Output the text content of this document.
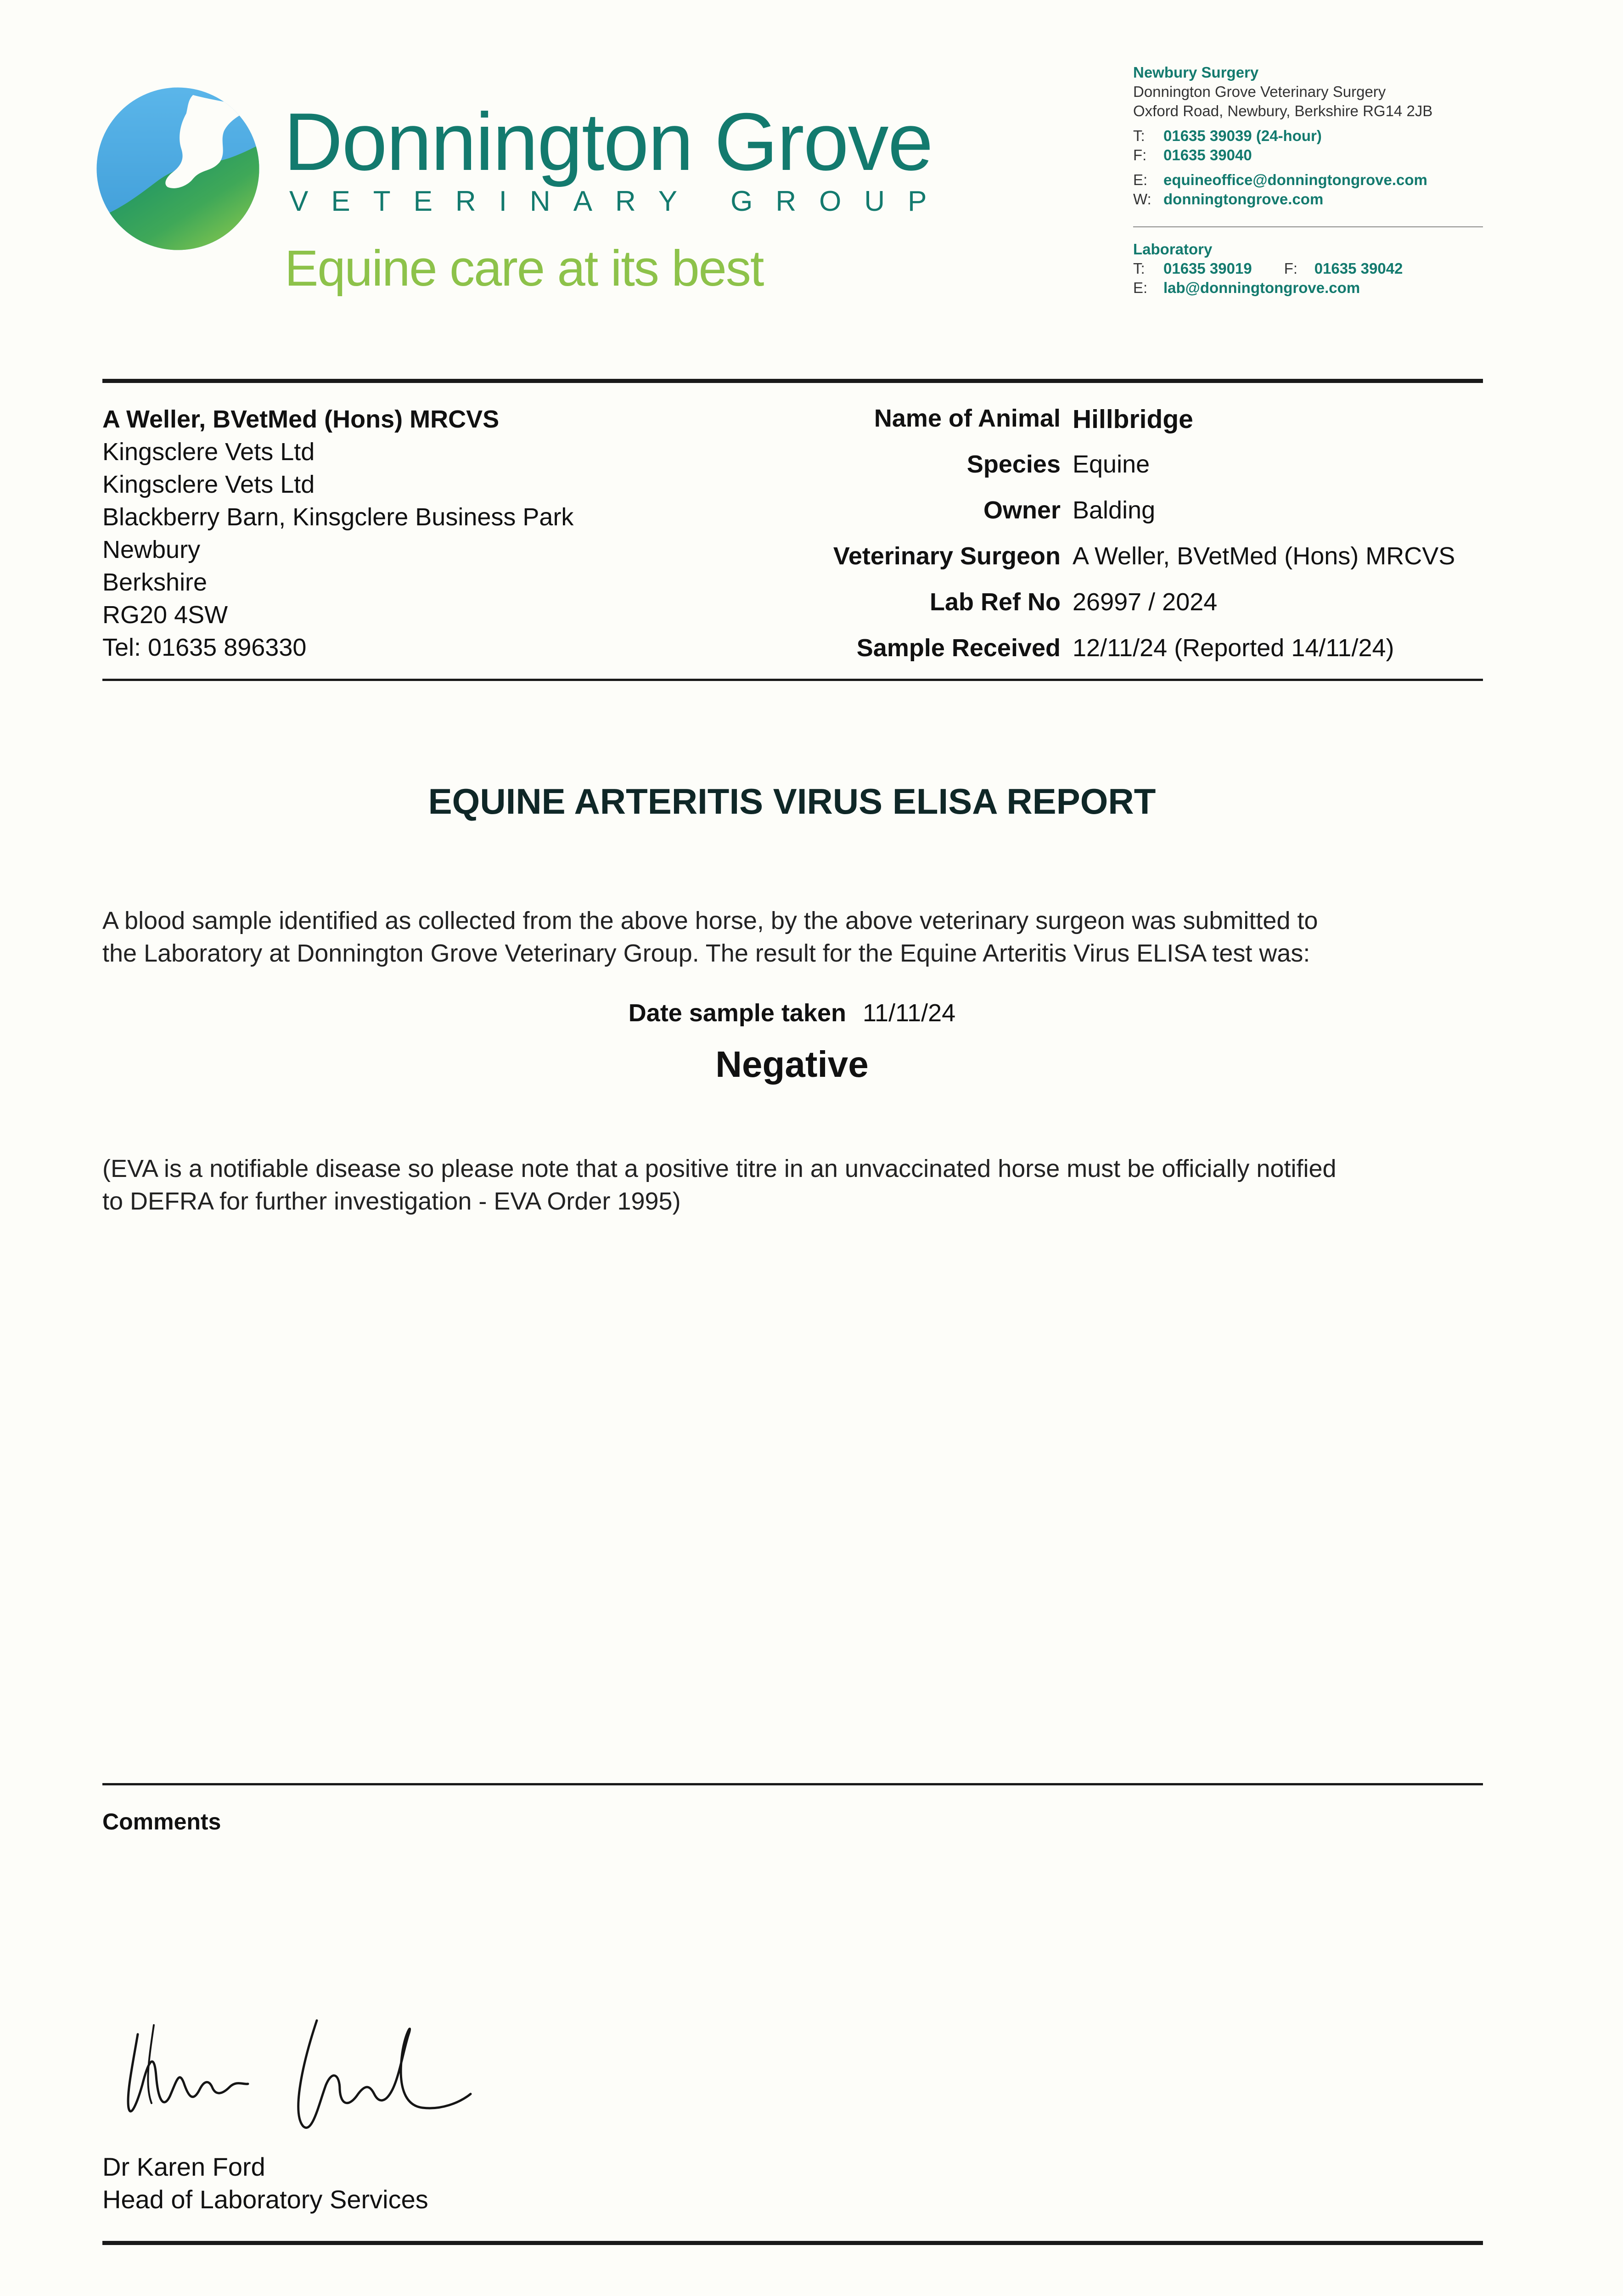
Donnington Grove
VETERINARY GROUP
Equine care at its best
Newbury Surgery
Donnington Grove Veterinary Surgery
Oxford Road, Newbury, Berkshire RG14 2JB
T: 01635 39039 (24-hour)
F: 01635 39040
E: equineoffice@donningtongrove.com
W: donningtongrove.com
Laboratory
T: 01635 39019 F: 01635 39042
E: lab@donningtongrove.com
A Weller, BVetMed (Hons) MRCVS
Kingsclere Vets Ltd
Kingsclere Vets Ltd
Blackberry Barn, Kinsgclere Business Park
Newbury
Berkshire
RG20 4SW
Tel: 01635 896330
Name of Animal	Hillbridge
Species	Equine
Owner	Balding
Veterinary Surgeon	A Weller, BVetMed (Hons) MRCVS
Lab Ref No	26997 / 2024
Sample Received	12/11/24 (Reported 14/11/24)
EQUINE ARTERITIS VIRUS ELISA REPORT
A blood sample identified as collected from the above horse, by the above veterinary surgeon was submitted to
the Laboratory at Donnington Grove Veterinary Group. The result for the Equine Arteritis Virus ELISA test was:
Date sample taken 11/11/24
Negative
(EVA is a notifiable disease so please note that a positive titre in an unvaccinated horse must be officially notified
to DEFRA for further investigation - EVA Order 1995)
Comments
Dr Karen Ford
Head of Laboratory Services
